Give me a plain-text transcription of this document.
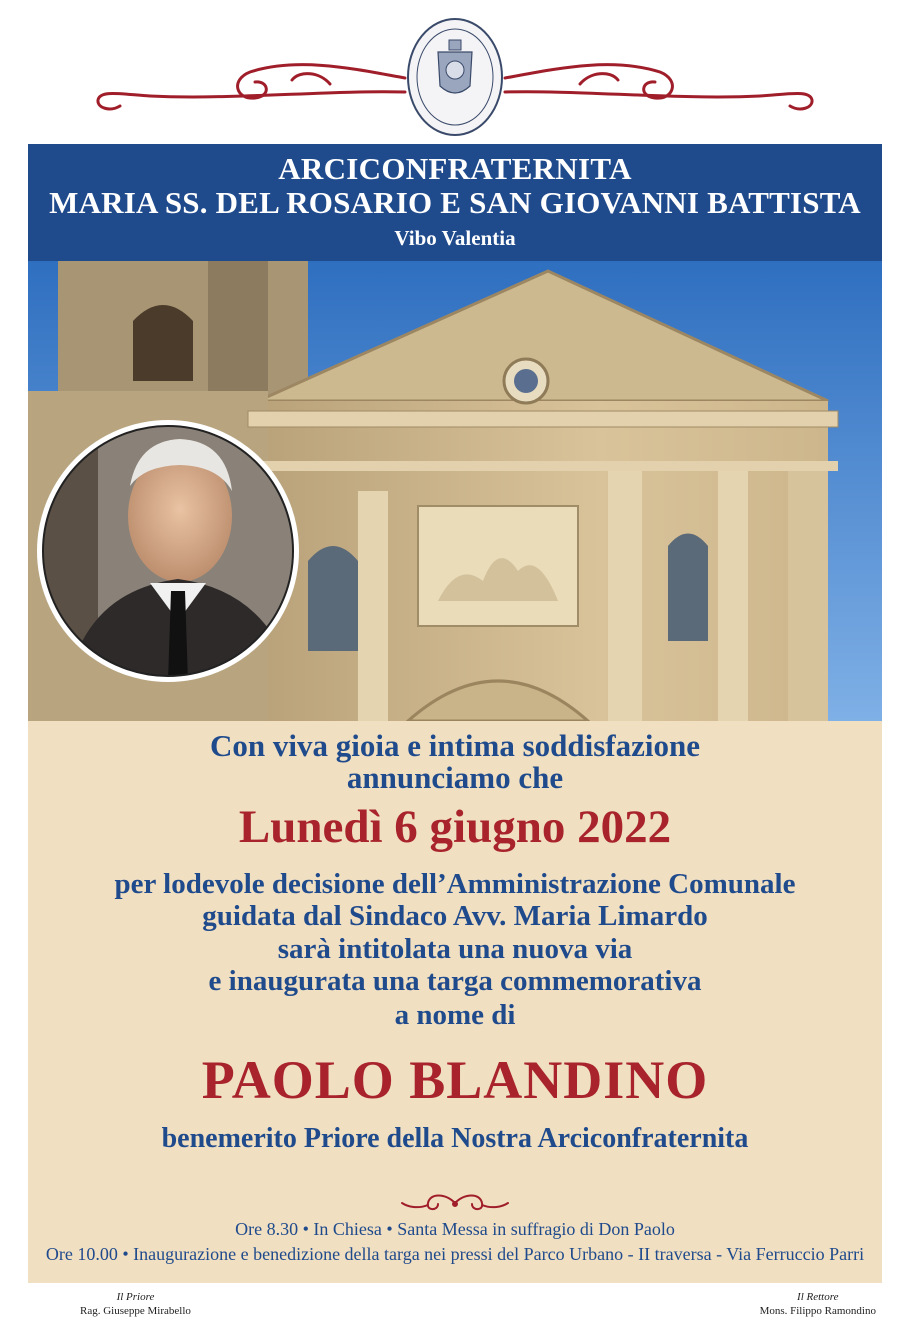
ARCICONFRATERNITA
MARIA SS. DEL ROSARIO E SAN GIOVANNI BATTISTA
Vibo Valentia
Con viva gioia e intima soddisfazione
annunciamo che
Lunedì 6 giugno 2022
per lodevole decisione dell’Amministrazione Comunale
guidata dal Sindaco Avv. Maria Limardo
sarà intitolata una nuova via
e inaugurata una targa commemorativa
a nome di
PAOLO BLANDINO
benemerito Priore della Nostra Arciconfraternita
Ore 8.30 • In Chiesa • Santa Messa in suffragio di Don Paolo
Ore 10.00 • Inaugurazione e benedizione della targa nei pressi del Parco Urbano - II traversa - Via Ferruccio Parri
Il Priore
Rag. Giuseppe Mirabello
Il Rettore
Mons. Filippo Ramondino
